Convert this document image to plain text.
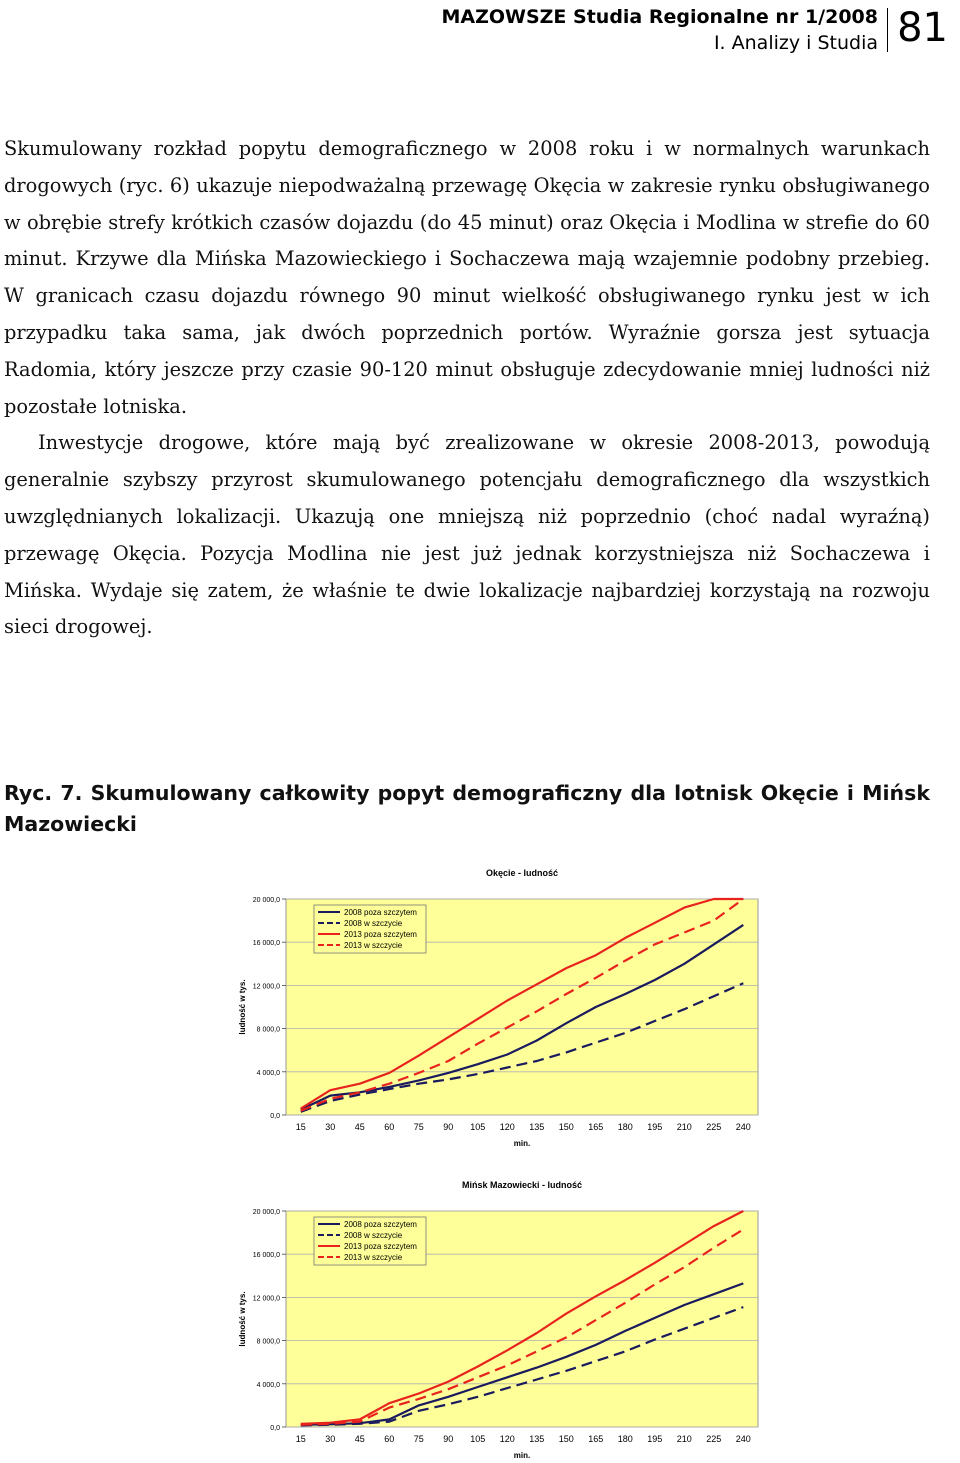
MAZOWSZE Studia Regionalne nr 1/2008
I. Analizy i Studia 81

Skumulowany rozkład popytu demograficznego w 2008 roku i w normalnych warunkach drogowych (ryc. 6) ukazuje niepodważalną przewagę Okęcia w zakresie rynku obsługiwanego w obrębie strefy krótkich czasów dojazdu (do 45 minut) oraz Okęcia i Modlina w strefie do 60 minut. Krzywe dla Mińska Mazowieckiego i Sochaczewa mają wzajemnie podobny przebieg. W granicach czasu dojazdu równego 90 minut wielkość obsługiwanego rynku jest w ich przypadku taka sama, jak dwóch poprzednich portów. Wyraźnie gorsza jest sytuacja Radomia, który jeszcze przy czasie 90-120 minut obsługuje zdecydowanie mniej ludności niż pozostałe lotniska.

Inwestycje drogowe, które mają być zrealizowane w okresie 2008-2013, powodują generalnie szybszy przyrost skumulowanego potencjału demograficznego dla wszystkich uwzględnianych lokalizacji. Ukazują one mniejszą niż poprzednio (choć nadal wyraźną) przewagę Okęcia. Pozycja Modlina nie jest już jednak korzystniejsza niż Sochaczewa i Mińska. Wydaje się zatem, że właśnie te dwie lokalizacje najbardziej korzystają na rozwoju sieci drogowej.

Ryc. 7. Skumulowany całkowity popyt demograficzny dla lotnisk Okęcie i Mińsk Mazowiecki
Okęcie - ludność
0,0
4 000,0
8 000,0
12 000,0
16 000,0
20 000,0
15 30 45 60 75 90 105 120 135 150 165 180 195 210 225 240
min.
ludność w tys.
2008 poza szczytem
2008 w szczycie
2013 poza szczytem
2013 w szczycie
Mińsk Mazowiecki - ludność
0,0
4 000,0
8 000,0
12 000,0
16 000,0
20 000,0
15 30 45 60 75 90 105 120 135 150 165 180 195 210 225 240
min.
ludność w tys.
2008 poza szczytem
2008 w szczycie
2013 poza szczytem
2013 w szczycie
